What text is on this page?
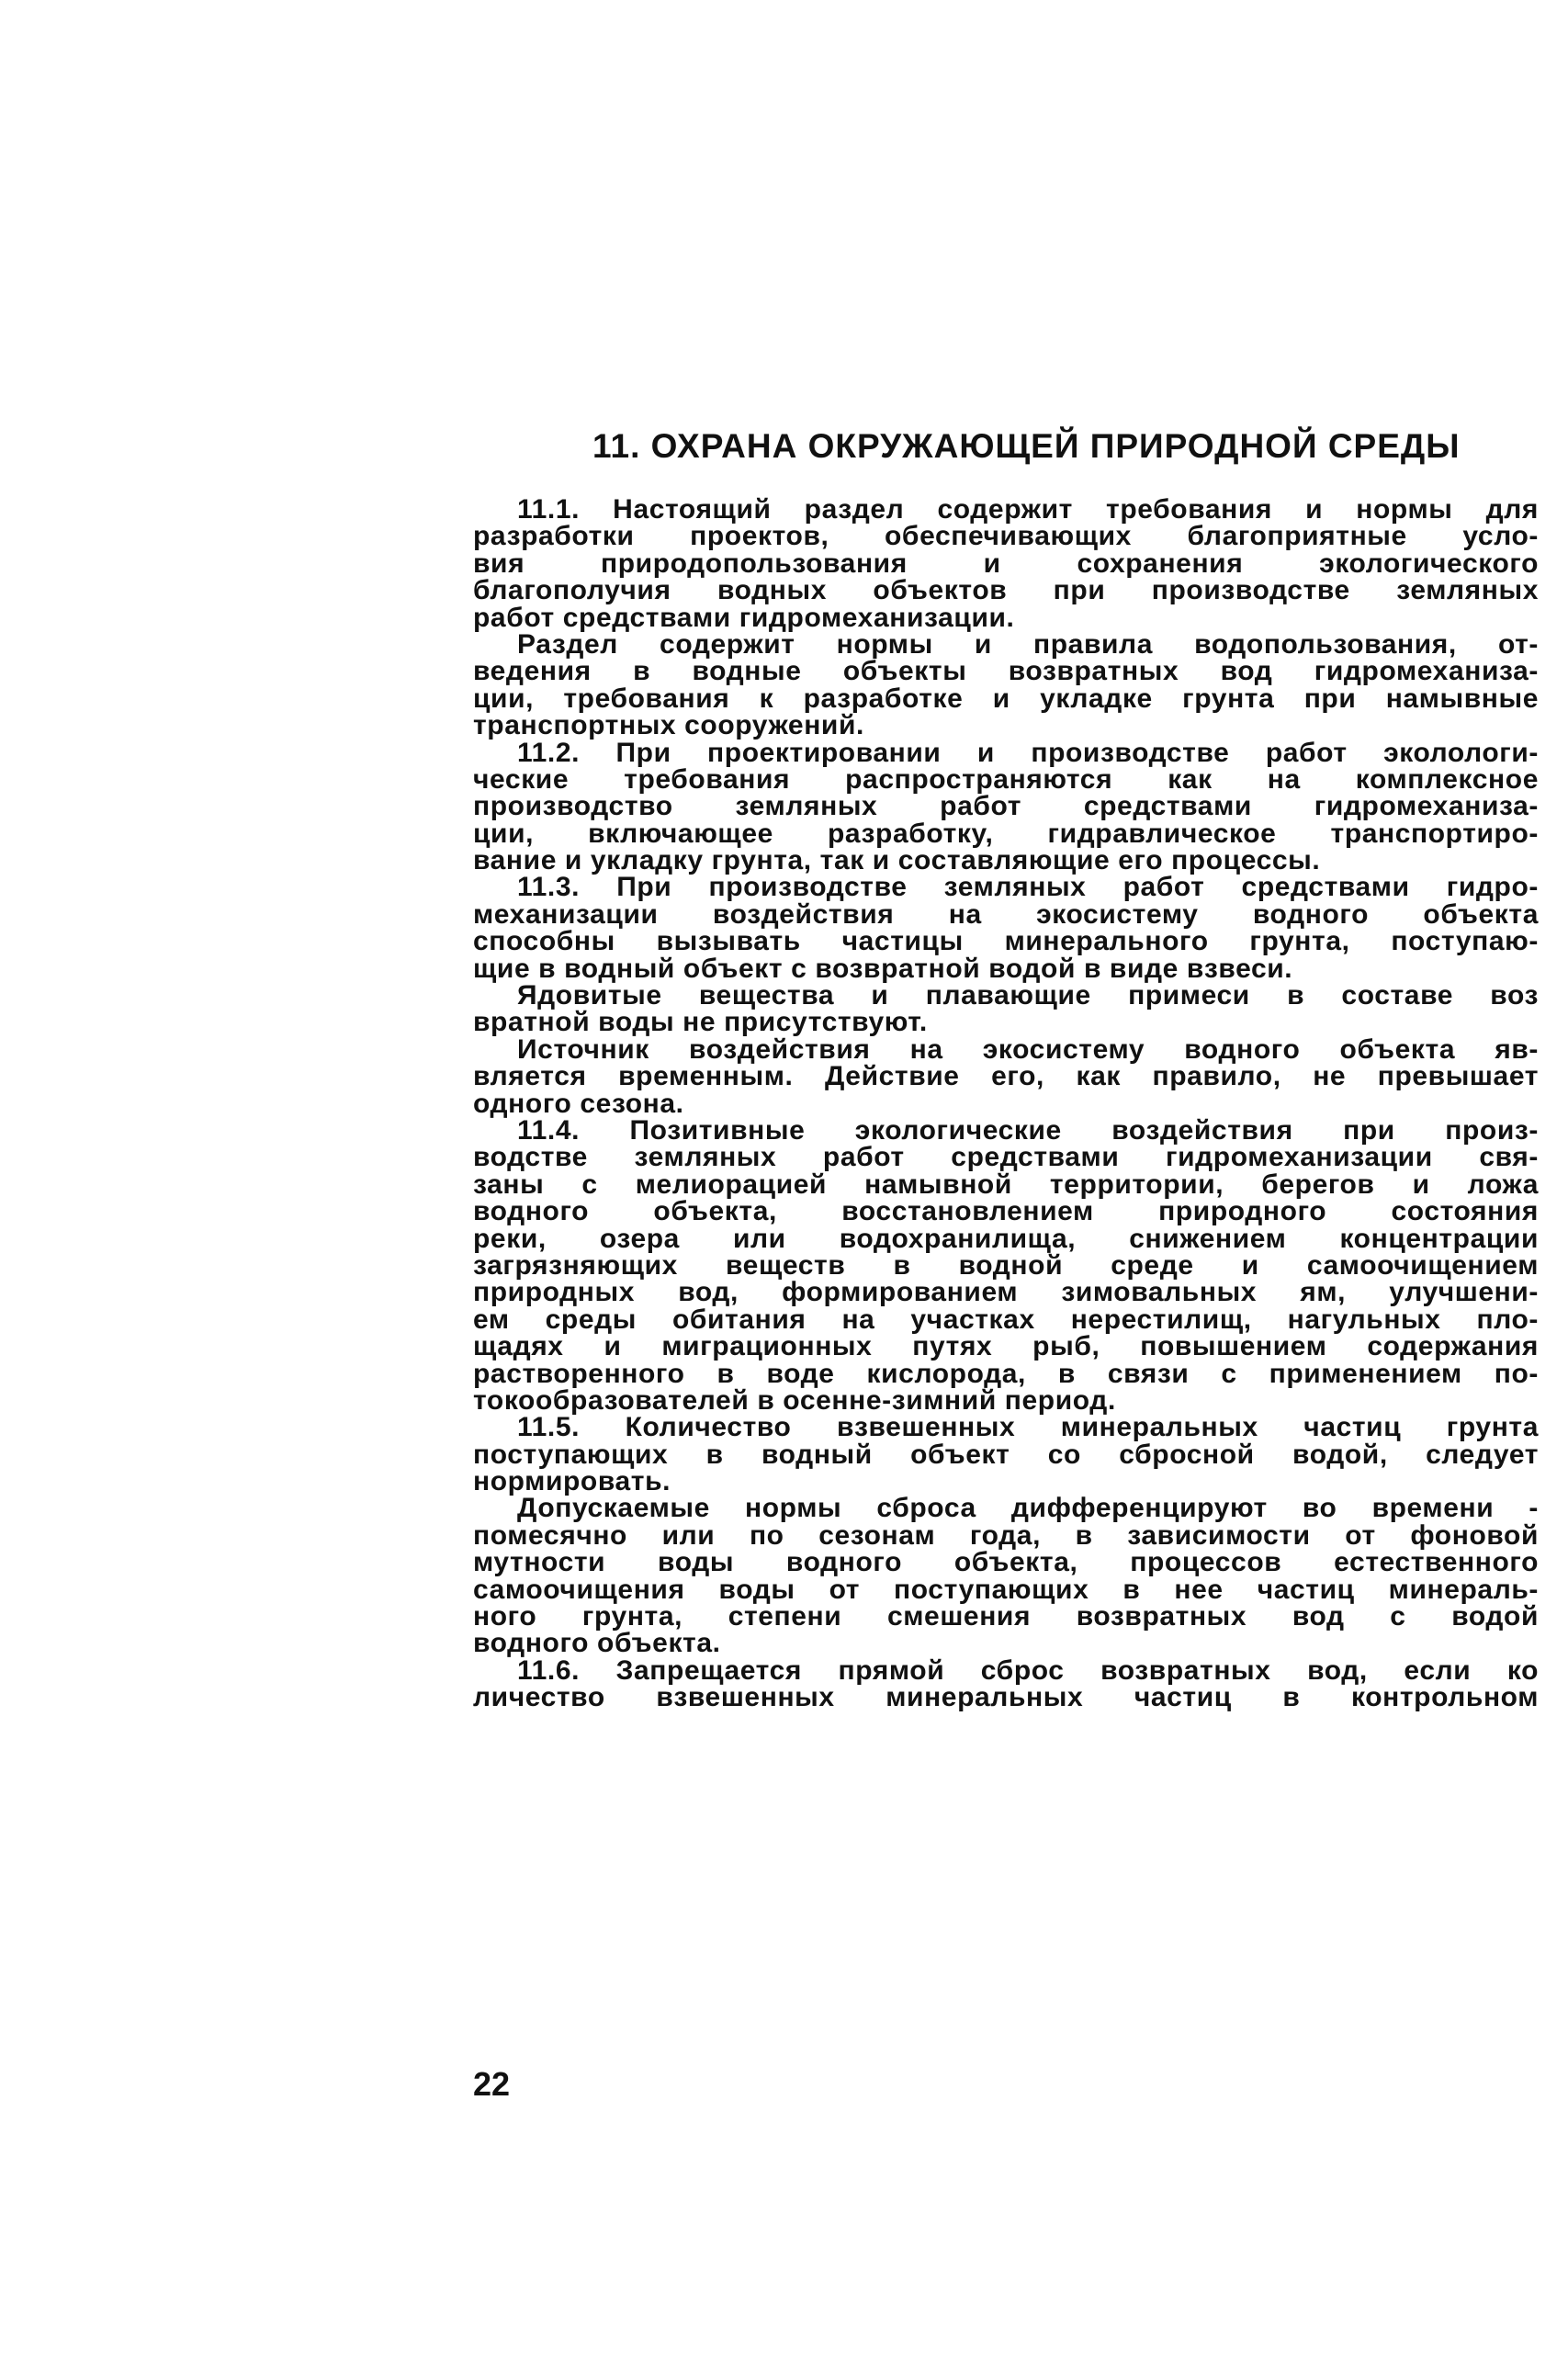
11. ОХРАНА ОКРУЖАЮЩЕЙ ПРИРОДНОЙ СРЕДЫ
11.1. Настоящий раздел содержит требования и нормы для
разработки проектов, обеспечивающих благоприятные усло-
вия природопользования и сохранения экологического
благополучия водных объектов при производстве земляных
работ средствами гидромеханизации.
Раздел содержит нормы и правила водопользования, от-
ведения в водные объекты возвратных вод гидромеханиза-
ции, требования к разработке и укладке грунта при намывные
транспортных сооружений.
11.2. При проектировании и производстве работ эколологи-
ческие требования распространяются как на комплексное
производство земляных работ средствами гидромеханиза-
ции, включающее разработку, гидравлическое транспортиро-
вание и укладку грунта, так и составляющие его процессы.
11.3. При производстве земляных работ средствами гидро-
механизации воздействия на экосистему водного объекта
способны вызывать частицы минерального грунта, поступаю-
щие в водный объект с возвратной водой в виде взвеси.
Ядовитые вещества и плавающие примеси в составе воз
вратной воды не присутствуют.
Источник воздействия на экосистему водного объекта яв-
вляется временным. Действие его, как правило, не превышает
одного сезона.
11.4. Позитивные экологические воздействия при произ-
водстве земляных работ средствами гидромеханизации свя-
заны с мелиорацией намывной территории, берегов и ложа
водного объекта, восстановлением природного состояния
реки, озера или водохранилища, снижением концентрации
загрязняющих веществ в водной среде и самоочищением
природных вод, формированием зимовальных ям, улучшени-
ем среды обитания на участках нерестилищ, нагульных пло-
щадях и миграционных путях рыб, повышением содержания
растворенного в воде кислорода, в связи с применением по-
токообразователей в осенне-зимний период.
11.5. Количество взвешенных минеральных частиц грунта
поступающих в водный объект со сбросной водой, следует
нормировать.
Допускаемые нормы сброса дифференцируют во времени -
помесячно или по сезонам года, в зависимости от фоновой
мутности воды водного объекта, процессов естественного
самоочищения воды от поступающих в нее частиц минераль-
ного грунта, степени смешения возвратных вод с водой
водного объекта.
11.6. Запрещается прямой сброс возвратных вод, если ко
личество взвешенных минеральных частиц в контрольном
22
